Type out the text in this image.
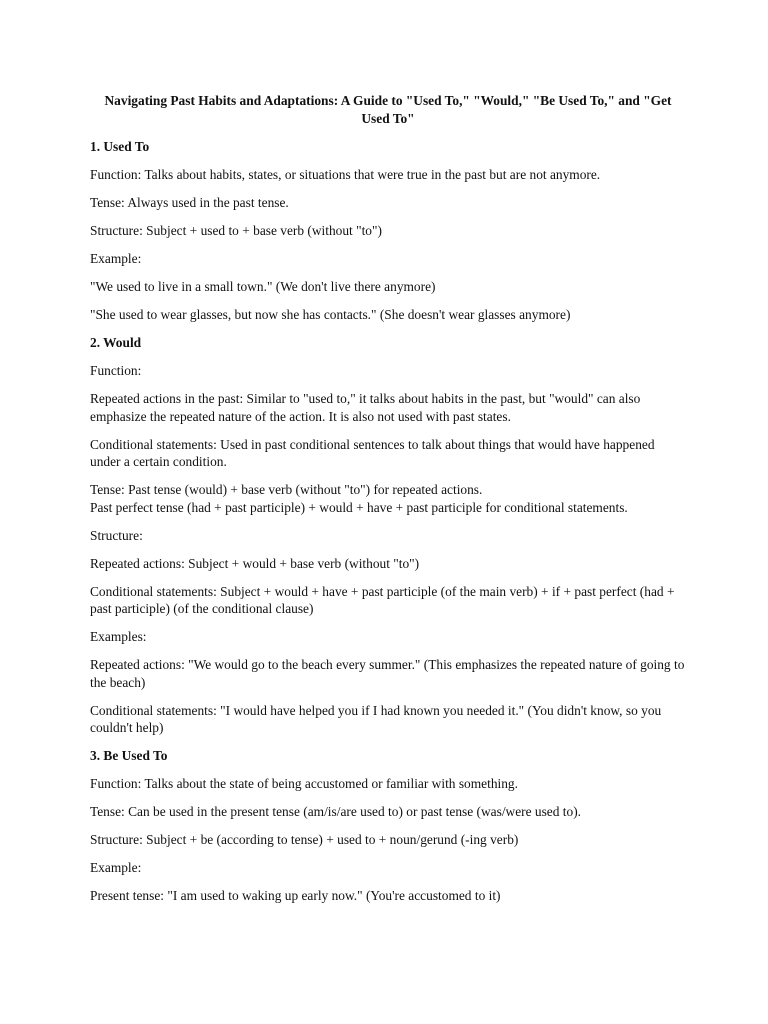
Navigating Past Habits and Adaptations: A Guide to "Used To," "Would," "Be Used To," and "Get Used To"
1. Used To
Function: Talks about habits, states, or situations that were true in the past but are not anymore.
Tense: Always used in the past tense.
Structure: Subject + used to + base verb (without "to")
Example:
"We used to live in a small town." (We don't live there anymore)
"She used to wear glasses, but now she has contacts." (She doesn't wear glasses anymore)
2. Would
Function:
Repeated actions in the past: Similar to "used to," it talks about habits in the past, but "would" can also emphasize the repeated nature of the action. It is also not used with past states.
Conditional statements: Used in past conditional sentences to talk about things that would have happened under a certain condition.
Tense: Past tense (would) + base verb (without "to") for repeated actions.
Past perfect tense (had + past participle) + would + have + past participle for conditional statements.
Structure:
Repeated actions: Subject + would + base verb (without "to")
Conditional statements: Subject + would + have + past participle (of the main verb) + if + past perfect (had + past participle) (of the conditional clause)
Examples:
Repeated actions: "We would go to the beach every summer." (This emphasizes the repeated nature of going to the beach)
Conditional statements: "I would have helped you if I had known you needed it." (You didn't know, so you couldn't help)
3. Be Used To
Function: Talks about the state of being accustomed or familiar with something.
Tense: Can be used in the present tense (am/is/are used to) or past tense (was/were used to).
Structure: Subject + be (according to tense) + used to + noun/gerund (-ing verb)
Example:
Present tense: "I am used to waking up early now." (You're accustomed to it)
